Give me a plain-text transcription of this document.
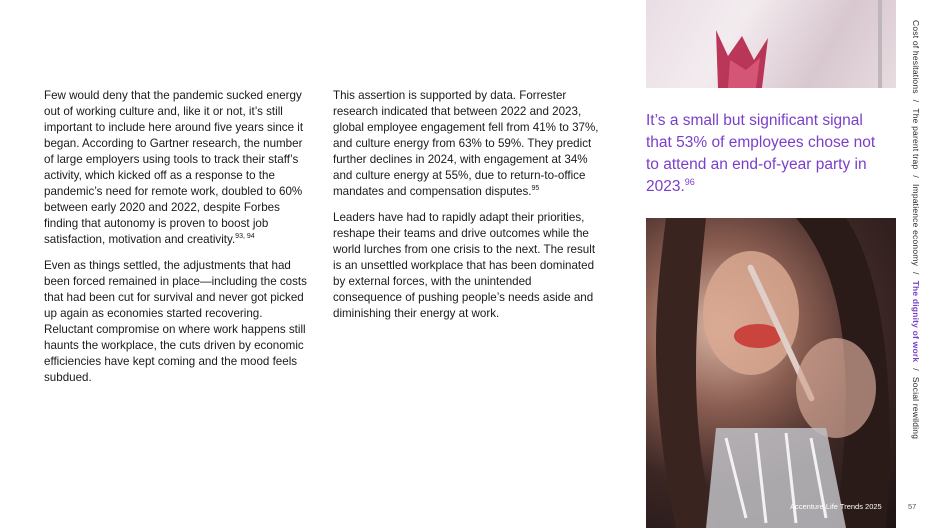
Few would deny that the pandemic sucked energy out of working culture and, like it or not, it’s still important to include here around five years since it began. According to Gartner research, the number of large employers using tools to track their staff’s activity, which kicked off as a response to the pandemic’s need for remote work, doubled to 60% between early 2020 and 2022, despite Forbes finding that autonomy is proven to boost job satisfaction, motivation and creativity.$^{93, 94}$

Even as things settled, the adjustments that had been forced remained in place—including the costs that had been cut for survival and never got picked up again as economies started recovering. Reluctant compromise on where work happens still haunts the workplace, the cuts driven by economic efficiencies have kept coming and the mood feels subdued.

This assertion is supported by data. Forrester research indicated that between 2022 and 2023, global employee engagement fell from 41% to 37%, and culture energy from 63% to 59%. They predict further declines in 2024, with engagement at 34% and culture energy at 55%, due to return-to-office mandates and compensation disputes.$^{95}$

Leaders have had to rapidly adapt their priorities, reshape their teams and drive outcomes while the world lurches from one crisis to the next. The result is an unsettled workplace that has been dominated by external forces, with the unintended consequence of pushing people’s needs aside and diminishing their energy at work.

It’s a small but significant signal that 53% of employees chose not to attend an end-of-year party in 2023.96
Cost of hesitations/The parent trap/Impatience economy/The dignity of work/Social rewilding
Accenture Life Trends 2025	57
